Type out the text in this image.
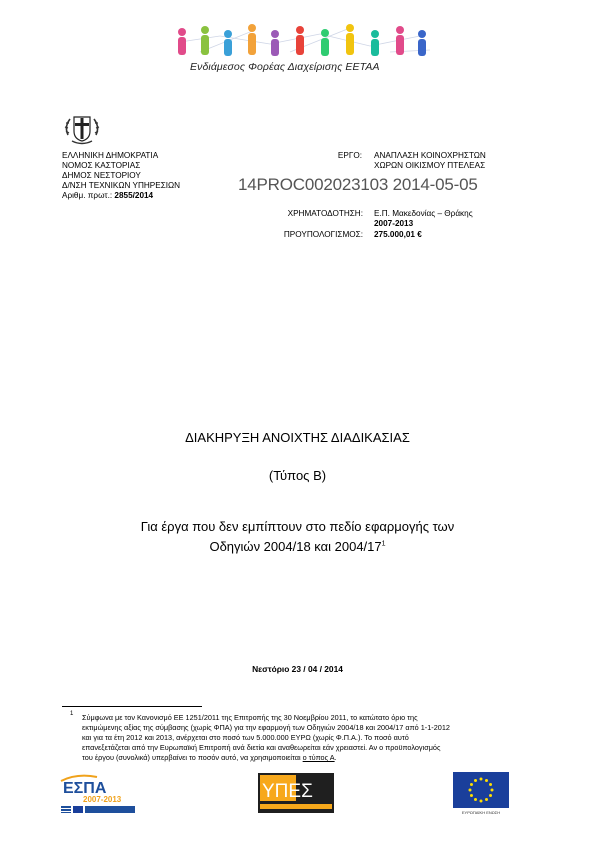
Ενδιάμεσος Φορέας Διαχείρισης ΕΕΤΑΑ
ΕΛΛΗΝΙΚΗ ΔΗΜΟΚΡΑΤΙΑ
ΝΟΜΟΣ ΚΑΣΤΟΡΙΑΣ
ΔΗΜΟΣ ΝΕΣΤΟΡΙΟΥ
Δ/ΝΣΗ ΤΕΧΝΙΚΩΝ ΥΠΗΡΕΣΙΩΝ
Αριθμ. πρωτ.: 2855/2014
ΕΡΓΟ: ΑΝΑΠΛΑΣΗ ΚΟΙΝΟΧΡΗΣΤΩΝ
ΧΩΡΩΝ ΟΙΚΙΣΜΟΥ ΠΤΕΛΕΑΣ
14PROC002023103 2014-05-05
ΧΡΗΜΑΤΟΔΟΤΗΣΗ: Ε.Π. Μακεδονίας – Θράκης
2007-2013
ΠΡΟΥΠΟΛΟΓΙΣΜΟΣ: 275.000,01 €
ΔΙΑΚΗΡΥΞΗ ΑΝΟΙΧΤΗΣ ΔΙΑΔΙΚΑΣΙΑΣ
(Τύπος Β)
Για έργα που δεν εμπίπτουν στο πεδίο εφαρμογής των
Οδηγιών 2004/18 και $2004/17^1$
Νεστόριο 23 / 04 / 2014
1 Σύμφωνα με τον Κανονισμό ΕΕ 1251/2011 της Επιτροπής της 30 Νοεμβρίου 2011, το κατώτατο όριο της
εκτιμώμενης αξίας της σύμβασης (χωρίς ΦΠΑ) για την εφαρμογή των Οδηγιών 2004/18 και 2004/17 από 1-1-2012
και για τα έτη 2012 και 2013, ανέρχεται στο ποσό των 5.000.000 ΕΥΡΩ (χωρίς Φ.Π.Α.). Το ποσό αυτό
επανεξετάζεται από την Ευρωπαϊκή Επιτροπή ανά διετία και αναθεωρείται εάν χρειαστεί. Αν ο προϋπολογισμός
του έργου (συνολικά) υπερβαίνει το ποσόν αυτό, να χρησιμοποιείται ο τύπος Α.
ΕΣΠΑ
2007-2013	ΥΠΕΣ
ΕΥΡΩΠΑΪΚΗ ΕΝΩΣΗ
